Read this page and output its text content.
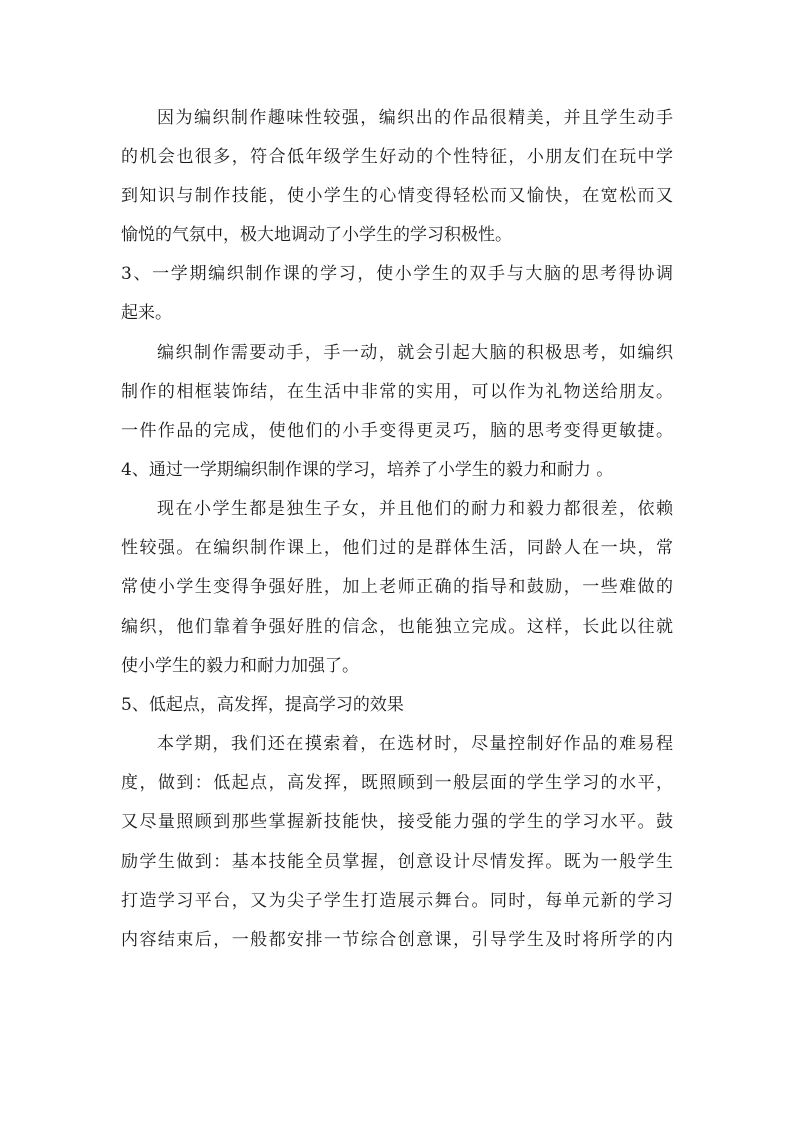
因为编织制作趣味性较强，编织出的作品很精美，并且学生动手
的机会也很多，符合低年级学生好动的个性特征，小朋友们在玩中学
到知识与制作技能，使小学生的心情变得轻松而又愉快，在宽松而又
愉悦的气氛中，极大地调动了小学生的学习积极性。
3、一学期编织制作课的学习，使小学生的双手与大脑的思考得协调
起来。
编织制作需要动手，手一动，就会引起大脑的积极思考，如编织
制作的相框装饰结，在生活中非常的实用，可以作为礼物送给朋友。
一件作品的完成，使他们的小手变得更灵巧，脑的思考变得更敏捷。
4、通过一学期编织制作课的学习，培养了小学生的毅力和耐力 。
现在小学生都是独生子女，并且他们的耐力和毅力都很差，依赖
性较强。在编织制作课上，他们过的是群体生活，同龄人在一块，常
常使小学生变得争强好胜，加上老师正确的指导和鼓励，一些难做的
编织，他们靠着争强好胜的信念，也能独立完成。这样，长此以往就
使小学生的毅力和耐力加强了。
5、低起点，高发挥，提高学习的效果
本学期，我们还在摸索着，在选材时，尽量控制好作品的难易程
度，做到：低起点，高发挥，既照顾到一般层面的学生学习的水平，
又尽量照顾到那些掌握新技能快，接受能力强的学生的学习水平。鼓
励学生做到：基本技能全员掌握，创意设计尽情发挥。既为一般学生
打造学习平台，又为尖子学生打造展示舞台。同时，每单元新的学习
内容结束后，一般都安排一节综合创意课，引导学生及时将所学的内
